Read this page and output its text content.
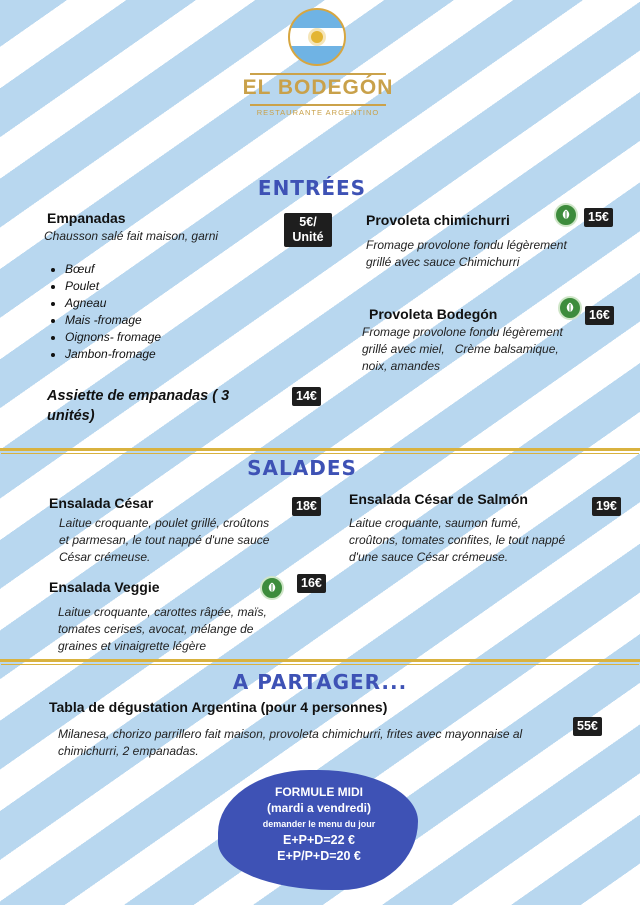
EL BODEGÓN
RESTAURANTE ARGENTINO
ENTRÉES
Empanadas
Chausson salé fait maison, garni
5€/
Unité
• Bœuf
• Poulet
• Agneau
• Mais -fromage
• Oignons- fromage
• Jambon-fromage
Assiette de empanadas ( 3
unités)
14€
Provoleta chimichurri	15€
Fromage provolone fondu légèrement
grillé avec sauce Chimichurri
Provoleta Bodegón	16€
Fromage provolone fondu légèrement
grillé avec miel,   Crème balsamique,
noix, amandes
SALADES
Ensalada César	18€
Laitue croquante, poulet grillé, croûtons
et parmesan, le tout nappé d'une sauce
César crémeuse.
Ensalada César de Salmón	19€
Laitue croquante, saumon fumé,
croûtons, tomates confites, le tout nappé
d'une sauce César crémeuse.
Ensalada Veggie	16€
Laitue croquante, carottes râpée, maïs,
tomates cerises, avocat, mélange de
graines et vinaigrette légère
A PARTAGER...
Tabla de dégustation Argentina (pour 4 personnes)
55€
Milanesa, chorizo parrillero fait maison, provoleta chimichurri, frites avec mayonnaise al
chimichurri, 2 empanadas.
FORMULE MIDI
(mardi a vendredi)
demander le menu du jour
E+P+D=22 €
E+P/P+D=20 €
